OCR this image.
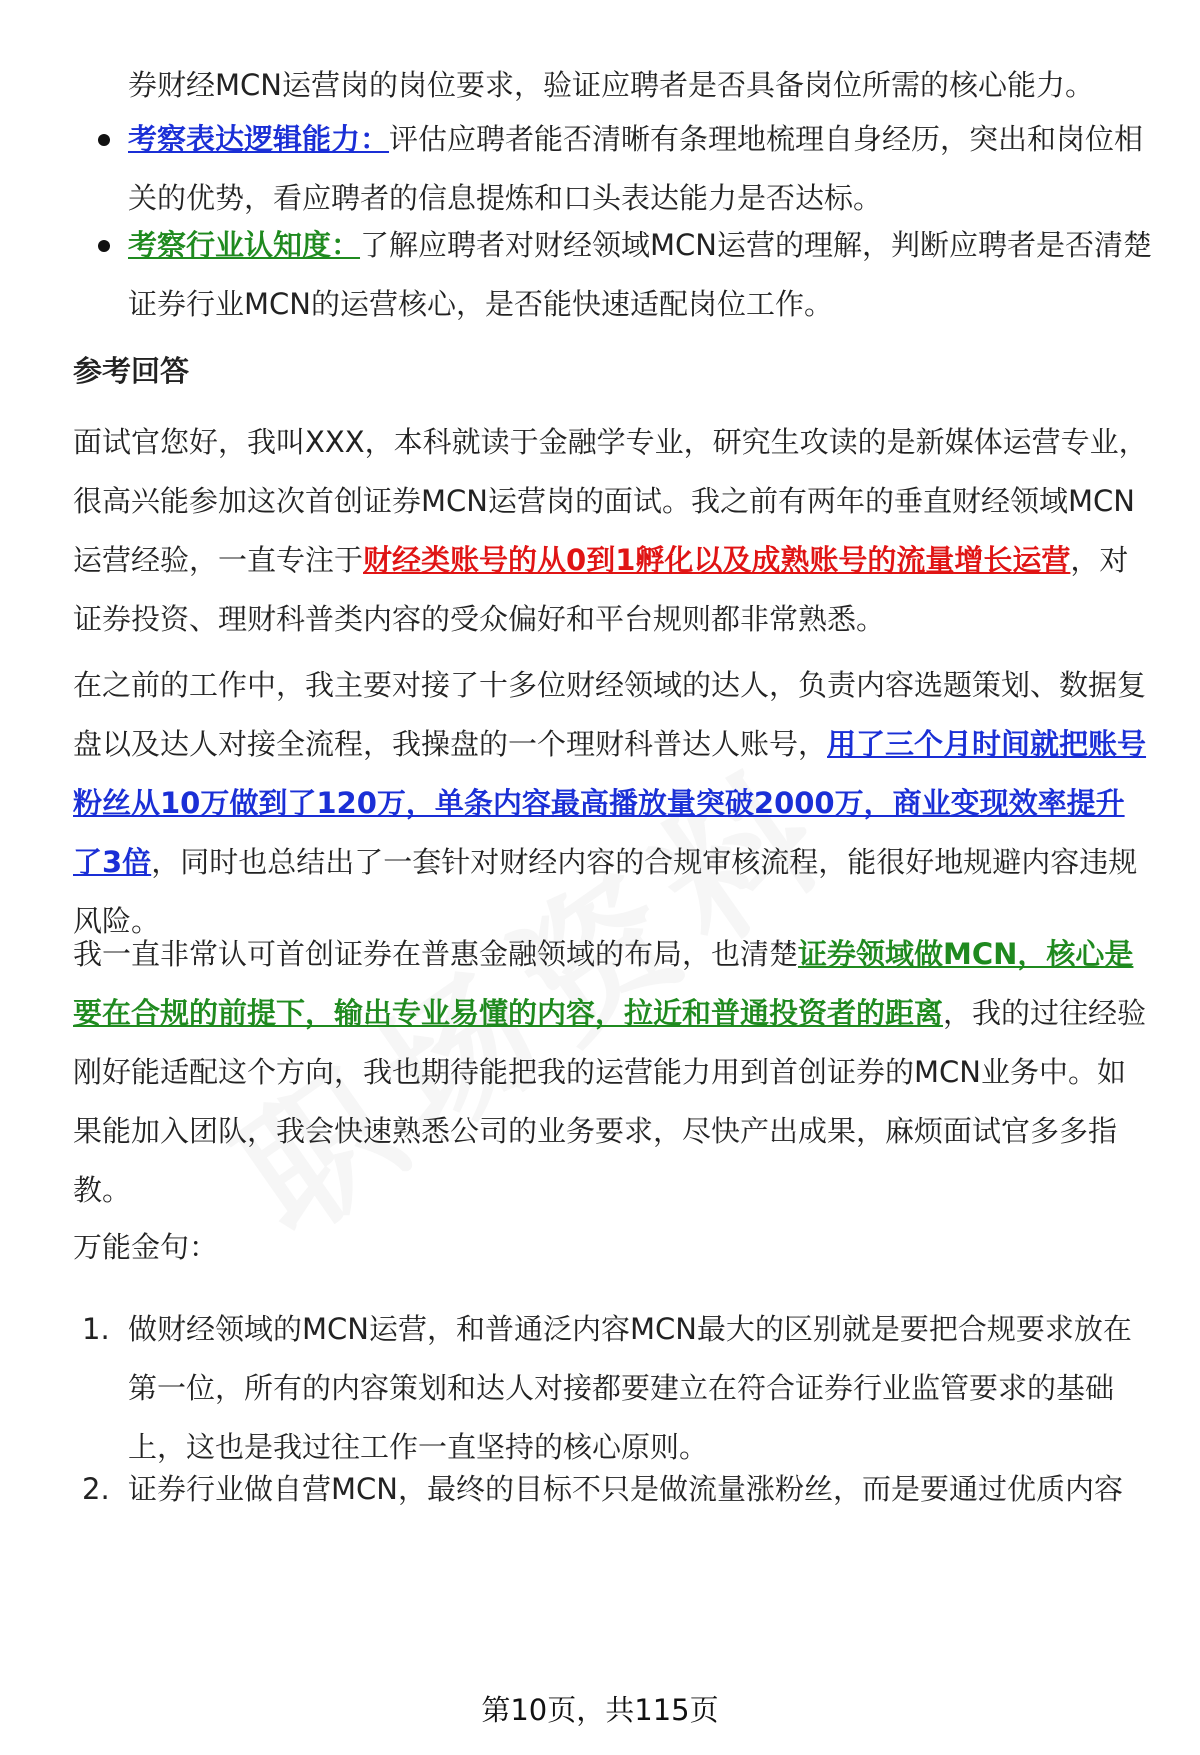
券财经MCN运营岗的岗位要求，验证应聘者是否具备岗位所需的核心能力。

考察表达逻辑能力：评估应聘者能否清晰有条理地梳理自身经历，突出和岗位相关的优势，看应聘者的信息提炼和口头表达能力是否达标。

考察行业认知度：了解应聘者对财经领域MCN运营的理解，判断应聘者是否清楚证券行业MCN的运营核心，是否能快速适配岗位工作。

参考回答

面试官您好，我叫XXX，本科就读于金融学专业，研究生攻读的是新媒体运营专业，很高兴能参加这次首创证券MCN运营岗的面试。我之前有两年的垂直财经领域MCN运营经验，一直专注于财经类账号的从0到1孵化以及成熟账号的流量增长运营，对证券投资、理财科普类内容的受众偏好和平台规则都非常熟悉。

在之前的工作中，我主要对接了十多位财经领域的达人，负责内容选题策划、数据复盘以及达人对接全流程，我操盘的一个理财科普达人账号，用了三个月时间就把账号粉丝从10万做到了120万，单条内容最高播放量突破2000万，商业变现效率提升了3倍，同时也总结出了一套针对财经内容的合规审核流程，能很好地规避内容违规风险。

我一直非常认可首创证券在普惠金融领域的布局，也清楚证券领域做MCN，核心是要在合规的前提下，输出专业易懂的内容，拉近和普通投资者的距离，我的过往经验刚好能适配这个方向，我也期待能把我的运营能力用到首创证券的MCN业务中。如果能加入团队，我会快速熟悉公司的业务要求，尽快产出成果，麻烦面试官多多指教。

万能金句：

1. 做财经领域的MCN运营，和普通泛内容MCN最大的区别就是要把合规要求放在第一位，所有的内容策划和达人对接都要建立在符合证券行业监管要求的基础上，这也是我过往工作一直坚持的核心原则。

2. 证券行业做自营MCN，最终的目标不只是做流量涨粉丝，而是要通过优质内容

第10页，共115页
